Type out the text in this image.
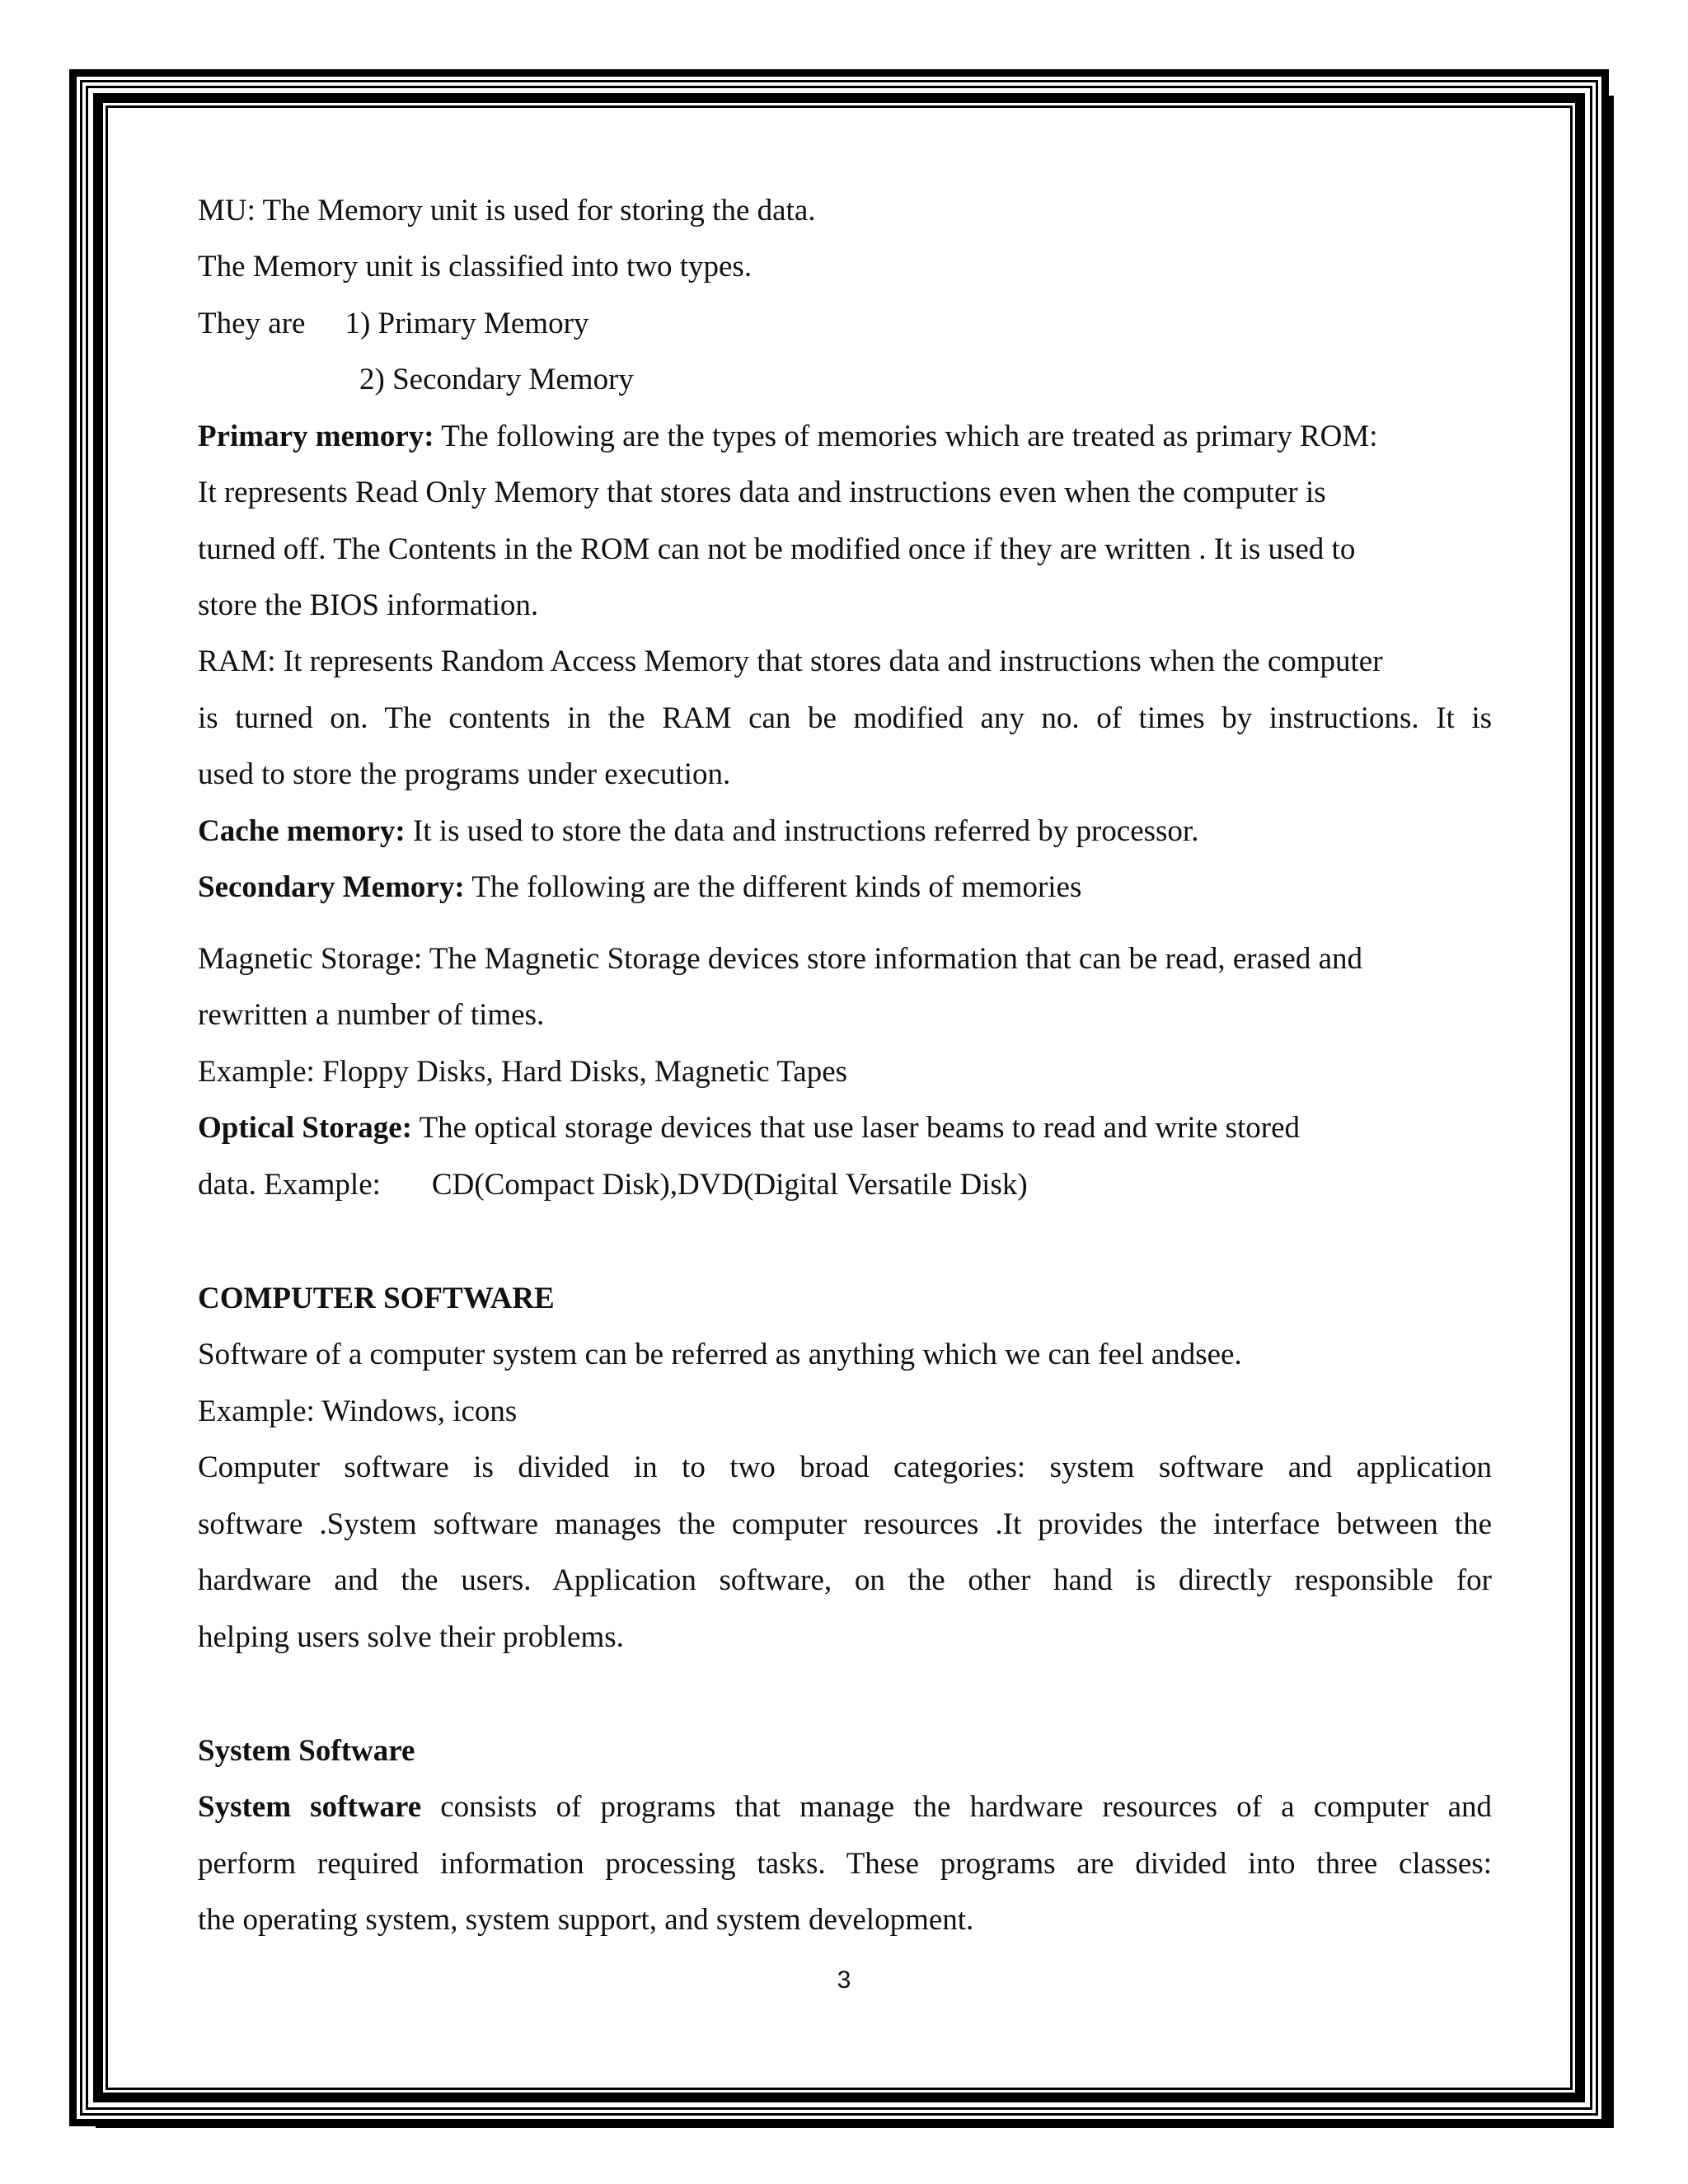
MU: The Memory unit is used for storing the data.
The Memory unit is classified into two types.
They are 1) Primary Memory
2) Secondary Memory
Primary memory: The following are the types of memories which are treated as primary ROM:
It represents Read Only Memory that stores data and instructions even when the computer is
turned off. The Contents in the ROM can not be modified once if they are written . It is used to
store the BIOS information.
RAM: It represents Random Access Memory that stores data and instructions when the computer
is turned on. The contents in the RAM can be modified any no. of times by instructions. It is
used to store the programs under execution.
Cache memory: It is used to store the data and instructions referred by processor.
Secondary Memory: The following are the different kinds of memories
Magnetic Storage: The Magnetic Storage devices store information that can be read, erased and
rewritten a number of times.
Example: Floppy Disks, Hard Disks, Magnetic Tapes
Optical Storage: The optical storage devices that use laser beams to read and write stored
data. Example: CD(Compact Disk),DVD(Digital Versatile Disk)
COMPUTER SOFTWARE
Software of a computer system can be referred as anything which we can feel andsee.
Example: Windows, icons
Computer software is divided in to two broad categories: system software and application
software .System software manages the computer resources .It provides the interface between the
hardware and the users. Application software, on the other hand is directly responsible for
helping users solve their problems.
System Software
System software consists of programs that manage the hardware resources of a computer and
perform required information processing tasks. These programs are divided into three classes:
the operating system, system support, and system development.
3
